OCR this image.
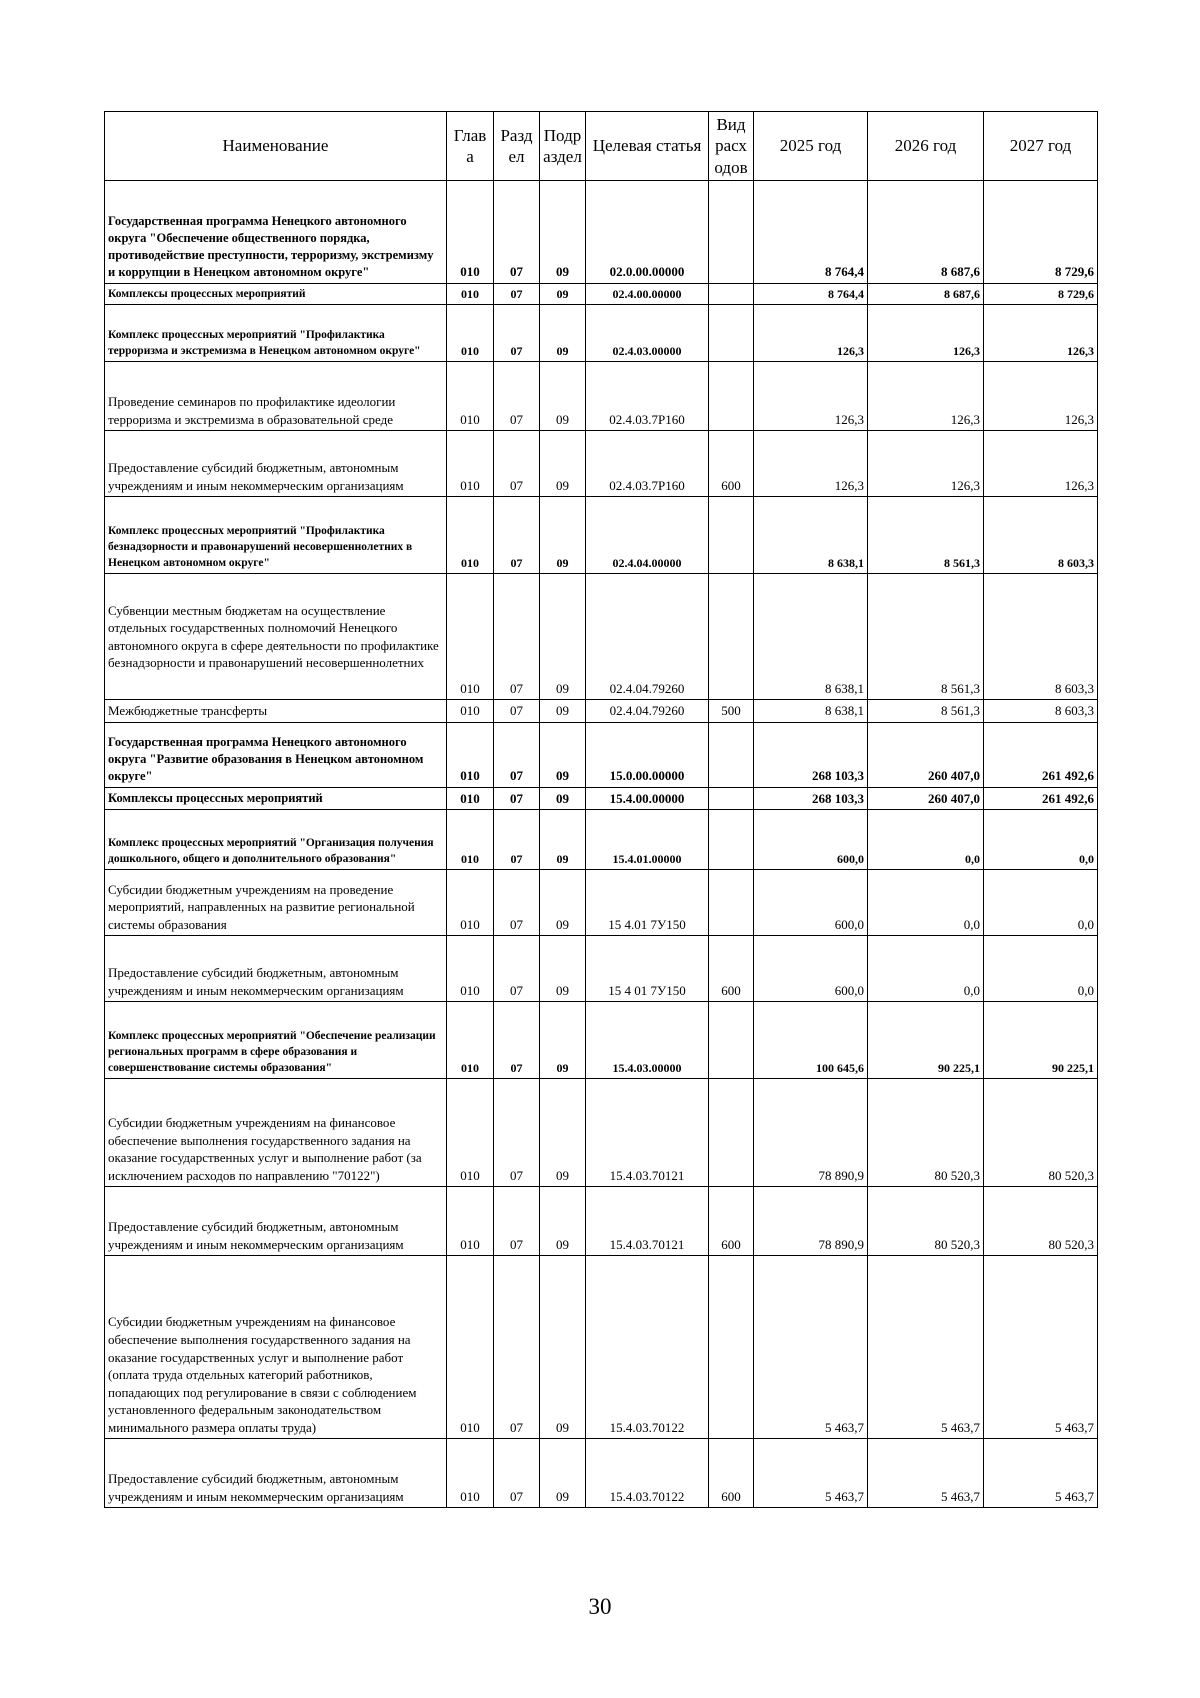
Наименование	Глав а	Разд ел	Подр аздел	Целевая статья	Вид расх одов	2025 год	2026 год	2027 год
Государственная программа Ненецкого автономного округа "Обеспечение общественного порядка, противодействие преступности, терроризму, экстремизму и коррупции в Ненецком автономном округе"	010	07	09	02.0.00.00000		8 764,4	8 687,6	8 729,6
Комплексы процессных мероприятий	010	07	09	02.4.00.00000		8 764,4	8 687,6	8 729,6
Комплекс процессных мероприятий "Профилактика терроризма и экстремизма в Ненецком автономном округе"	010	07	09	02.4.03.00000		126,3	126,3	126,3
Проведение семинаров по профилактике идеологии терроризма и экстремизма в образовательной среде	010	07	09	02.4.03.7Р160		126,3	126,3	126,3
Предоставление субсидий бюджетным, автономным учреждениям и иным некоммерческим организациям	010	07	09	02.4.03.7Р160	600	126,3	126,3	126,3
Комплекс процессных мероприятий "Профилактика безнадзорности и правонарушений несовершеннолетних в Ненецком автономном округе"	010	07	09	02.4.04.00000		8 638,1	8 561,3	8 603,3
Субвенции местным бюджетам на осуществление отдельных государственных полномочий Ненецкого автономного округа в сфере деятельности по профилактике безнадзорности и правонарушений несовершеннолетних	010	07	09	02.4.04.79260		8 638,1	8 561,3	8 603,3
Межбюджетные трансферты	010	07	09	02.4.04.79260	500	8 638,1	8 561,3	8 603,3
Государственная программа Ненецкого автономного округа "Развитие образования в Ненецком автономном округе"	010	07	09	15.0.00.00000		268 103,3	260 407,0	261 492,6
Комплексы процессных мероприятий	010	07	09	15.4.00.00000		268 103,3	260 407,0	261 492,6
Комплекс процессных мероприятий "Организация получения дошкольного, общего и дополнительного образования"	010	07	09	15.4.01.00000		600,0	0,0	0,0
Субсидии бюджетным учреждениям на проведение мероприятий, направленных на развитие региональной системы образования	010	07	09	15 4.01 7У150		600,0	0,0	0,0
Предоставление субсидий бюджетным, автономным учреждениям и иным некоммерческим организациям	010	07	09	15 4 01 7У150	600	600,0	0,0	0,0
Комплекс процессных мероприятий "Обеспечение реализации региональных программ в сфере образования и совершенствование системы образования"	010	07	09	15.4.03.00000		100 645,6	90 225,1	90 225,1
Субсидии бюджетным учреждениям на финансовое обеспечение выполнения государственного задания на оказание государственных услуг и выполнение работ (за исключением расходов по направлению "70122")	010	07	09	15.4.03.70121		78 890,9	80 520,3	80 520,3
Предоставление субсидий бюджетным, автономным учреждениям и иным некоммерческим организациям	010	07	09	15.4.03.70121	600	78 890,9	80 520,3	80 520,3
Субсидии бюджетным учреждениям на финансовое обеспечение выполнения государственного задания на оказание государственных услуг и выполнение работ (оплата труда отдельных категорий работников, попадающих под регулирование в связи с соблюдением установленного федеральным законодательством минимального размера оплаты труда)	010	07	09	15.4.03.70122		5 463,7	5 463,7	5 463,7
Предоставление субсидий бюджетным, автономным учреждениям и иным некоммерческим организациям	010	07	09	15.4.03.70122	600	5 463,7	5 463,7	5 463,7
30
